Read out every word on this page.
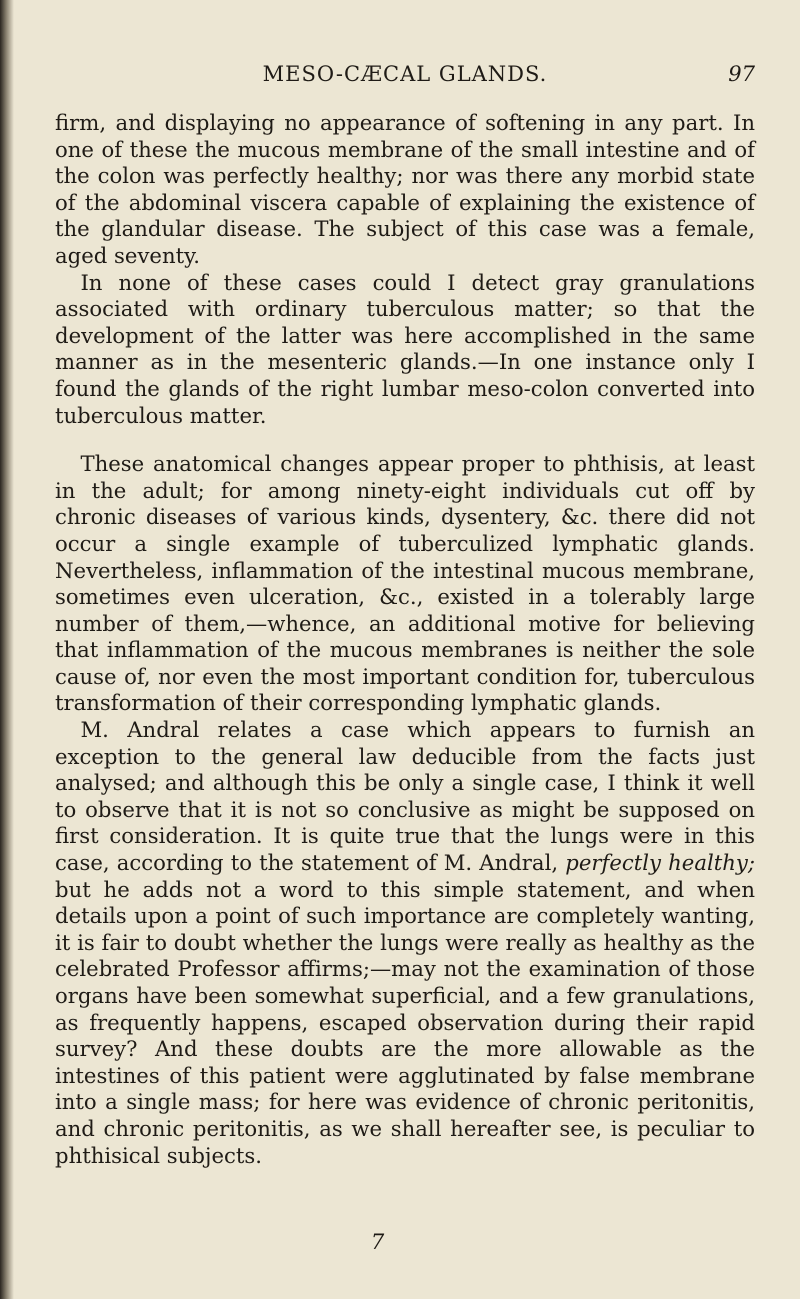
MESO-CÆCAL GLANDS.	97

firm, and displaying no appearance of softening in any part. In one of these the mucous membrane of the small intestine and of the colon was perfectly healthy; nor was there any morbid state of the abdominal viscera capable of explaining the existence of the glandular disease. The subject of this case was a female, aged seventy.

In none of these cases could I detect gray granulations associated with ordinary tuberculous matter; so that the development of the latter was here accomplished in the same manner as in the mesenteric glands.—In one instance only I found the glands of the right lumbar meso-colon converted into tuberculous matter.

These anatomical changes appear proper to phthisis, at least in the adult; for among ninety-eight individuals cut off by chronic diseases of various kinds, dysentery, &c. there did not occur a single example of tuberculized lymphatic glands. Nevertheless, inflammation of the intestinal mucous membrane, sometimes even ulceration, &c., existed in a tolerably large number of them,—whence, an additional motive for believing that inflammation of the mucous membranes is neither the sole cause of, nor even the most important condition for, tuberculous transformation of their corresponding lymphatic glands.

M. Andral relates a case which appears to furnish an exception to the general law deducible from the facts just analysed; and although this be only a single case, I think it well to observe that it is not so conclusive as might be supposed on first consideration. It is quite true that the lungs were in this case, according to the statement of M. Andral, perfectly healthy; but he adds not a word to this simple statement, and when details upon a point of such importance are completely wanting, it is fair to doubt whether the lungs were really as healthy as the celebrated Professor affirms;—may not the examination of those organs have been somewhat superficial, and a few granulations, as frequently happens, escaped observation during their rapid survey? And these doubts are the more allowable as the intestines of this patient were agglutinated by false membrane into a single mass; for here was evidence of chronic peritonitis, and chronic peritonitis, as we shall hereafter see, is peculiar to phthisical subjects.

7
